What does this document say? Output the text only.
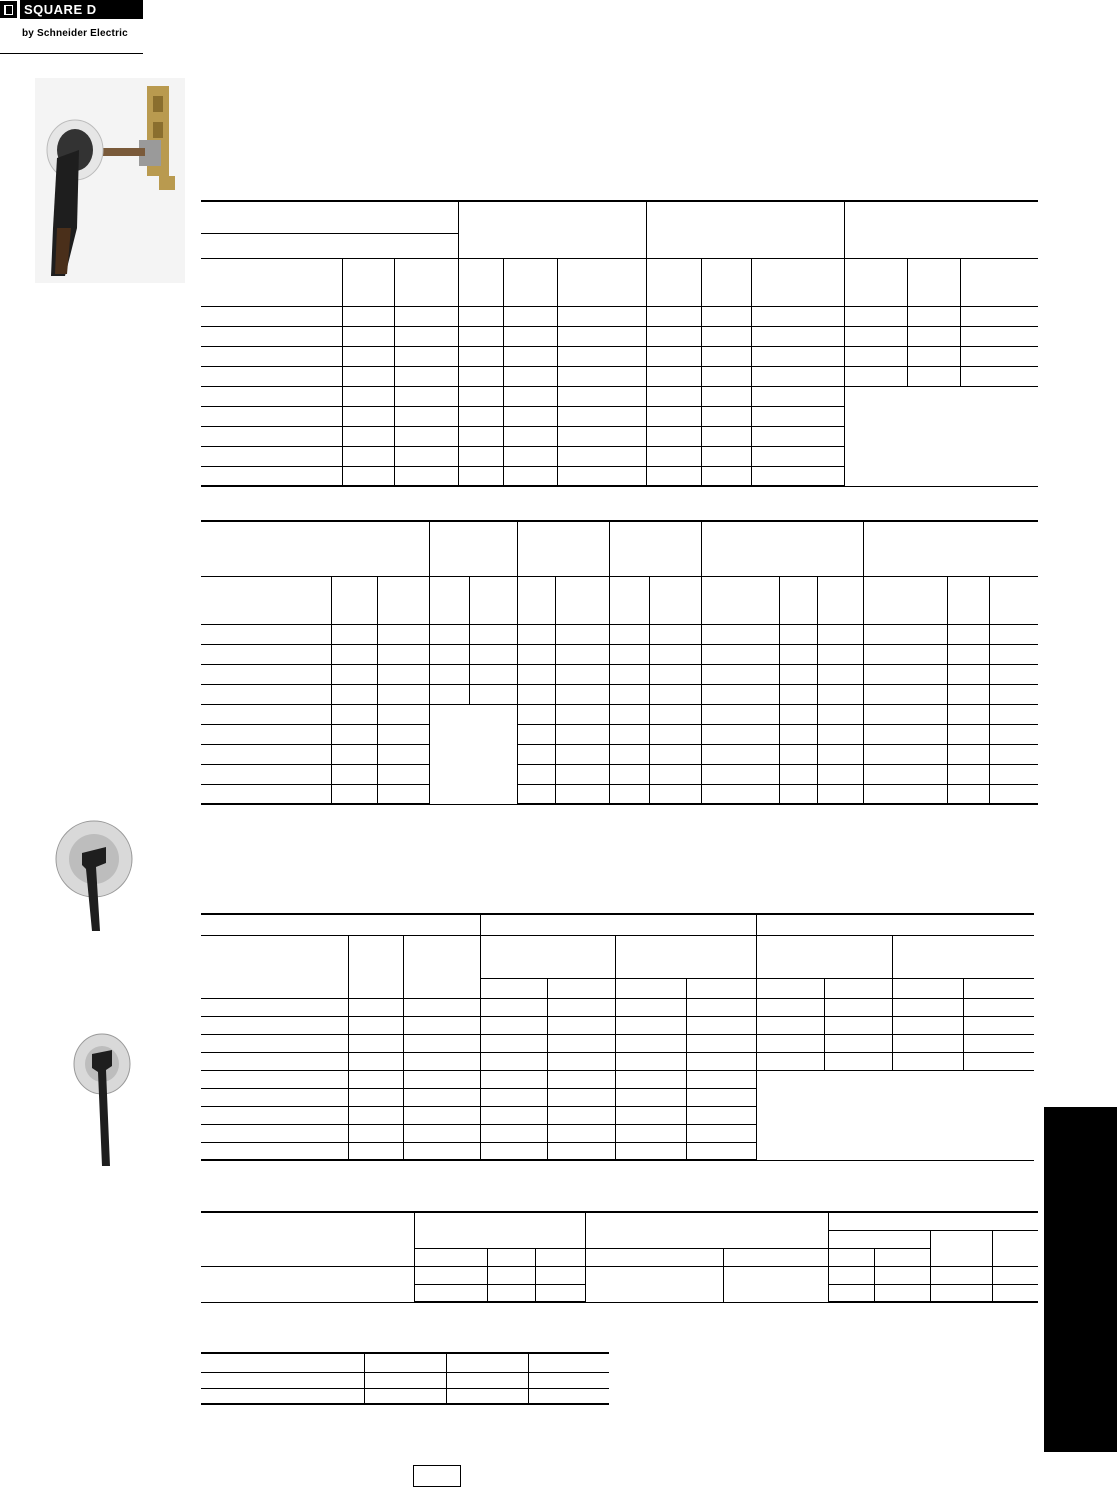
SQUARE D
by Schneider Electric
